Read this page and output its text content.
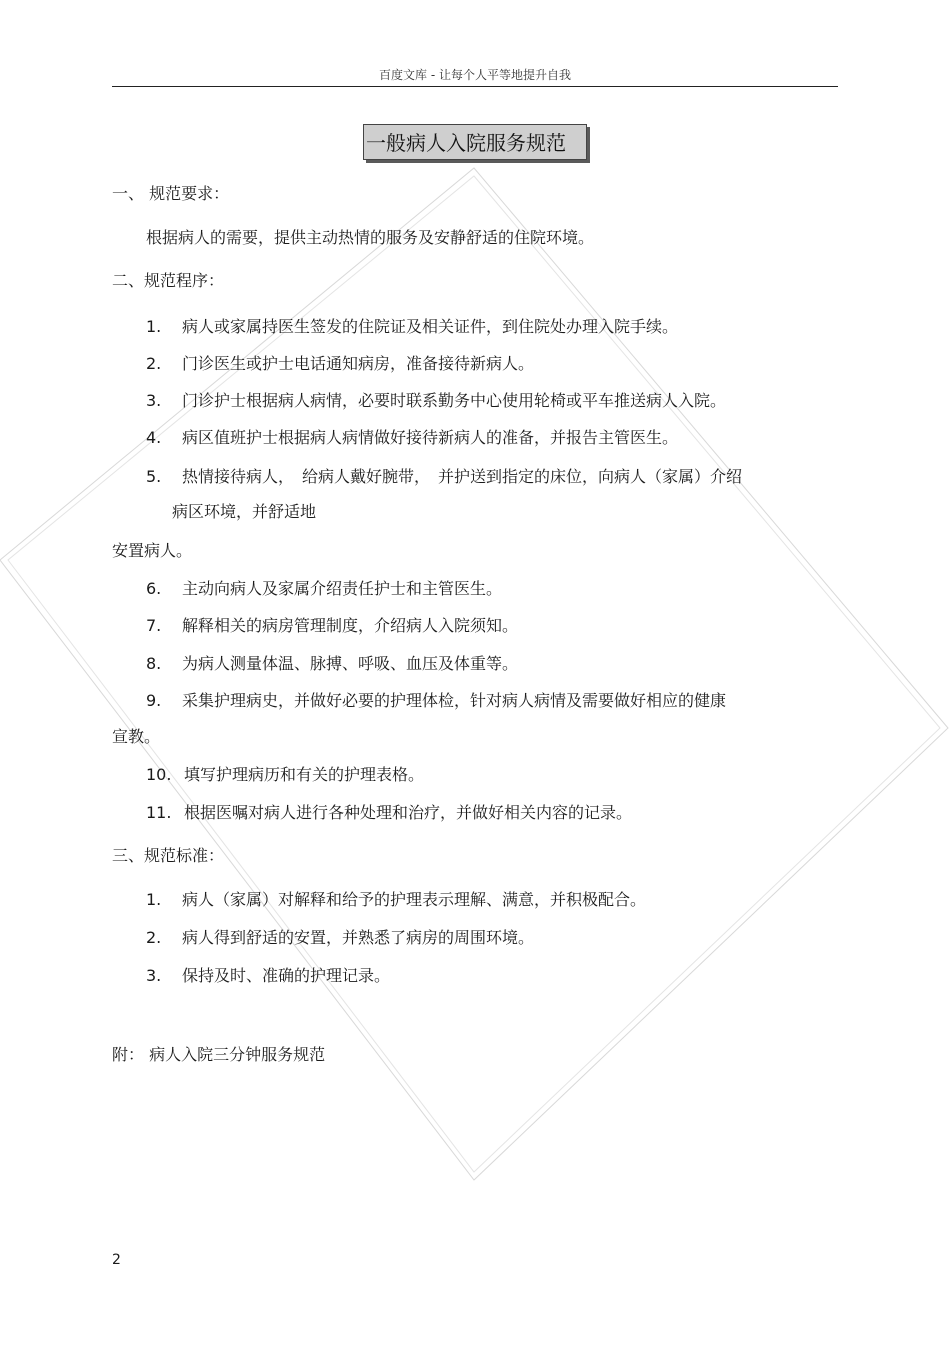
百度文库 - 让每个人平等地提升自我
一般病人入院服务规范
一、 规范要求：
根据病人的需要，提供主动热情的服务及安静舒适的住院环境。
二、规范程序：
1. 病人或家属持医生签发的住院证及相关证件，到住院处办理入院手续。
2. 门诊医生或护士电话通知病房，准备接待新病人。
3. 门诊护士根据病人病情，必要时联系勤务中心使用轮椅或平车推送病人入院。
4. 病区值班护士根据病人病情做好接待新病人的准备，并报告主管医生。
5. 热情接待病人，　给病人戴好腕带，　并护送到指定的床位，向病人（家属）介绍
病区环境，并舒适地
安置病人。
6. 主动向病人及家属介绍责任护士和主管医生。
7. 解释相关的病房管理制度，介绍病人入院须知。
8. 为病人测量体温、脉搏、呼吸、血压及体重等。
9. 采集护理病史，并做好必要的护理体检，针对病人病情及需要做好相应的健康
宣教。
10. 填写护理病历和有关的护理表格。
11. 根据医嘱对病人进行各种处理和治疗，并做好相关内容的记录。
三、规范标准：
1. 病人（家属）对解释和给予的护理表示理解、满意，并积极配合。
2. 病人得到舒适的安置，并熟悉了病房的周围环境。
3. 保持及时、准确的护理记录。
附： 病人入院三分钟服务规范
2
